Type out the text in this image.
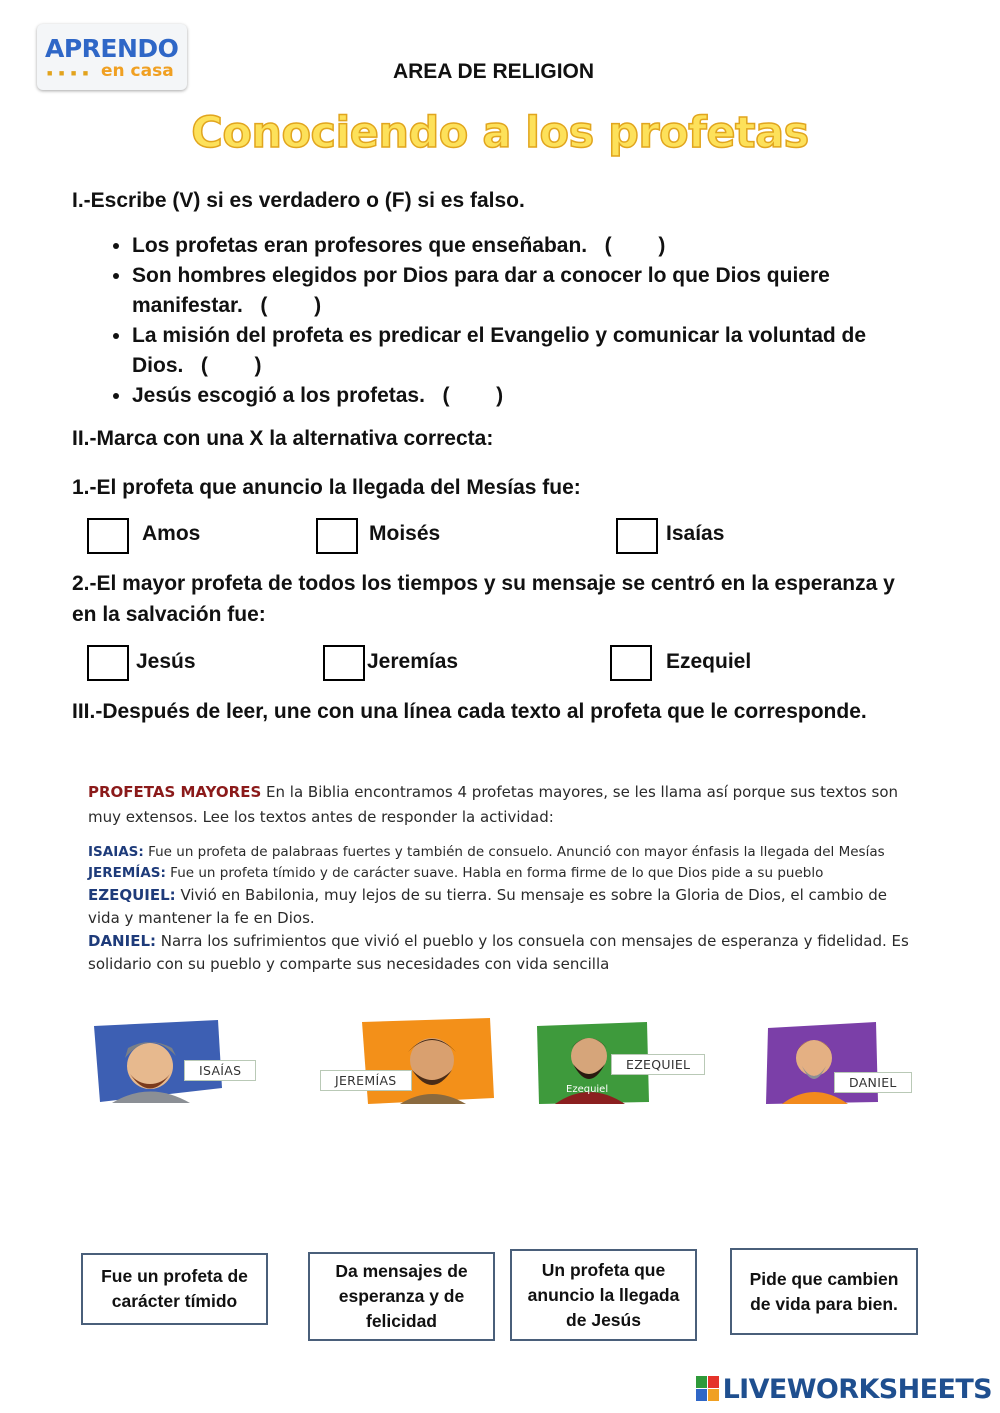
APRENDO
■ ■ ■ ■ en casa	AREA DE RELIGION
Conociendo a los profetas
I.-Escribe (V) si es verdadero o (F) si es falso.
• Los profetas eran profesores que enseñaban. (        )
• Son hombres elegidos por Dios para dar a conocer lo que Dios quiere manifestar. (        )
• La misión del profeta es predicar el Evangelio y comunicar la voluntad de Dios. (        )
• Jesús escogió a los profetas. (        )
II.-Marca con una X la alternativa correcta:
1.-El profeta que anuncio la llegada del Mesías fue:
Amos	Moisés	Isaías
2.-El mayor profeta de todos los tiempos y su mensaje se centró en la esperanza y en la salvación fue:
Jesús	Jeremías	Ezequiel
III.-Después de leer, une con una línea cada texto al profeta que le corresponde.
PROFETAS MAYORES En la Biblia encontramos 4 profetas mayores, se les llama así porque sus textos son muy extensos. Lee los textos antes de responder la actividad:
ISAIAS: Fue un profeta de palabraas fuertes y también de consuelo. Anunció con mayor énfasis la llegada del Mesías
JEREMÍAS: Fue un profeta tímido y de carácter suave. Habla en forma firme de lo que Dios pide a su pueblo
EZEQUIEL: Vivió en Babilonia, muy lejos de su tierra. Su mensaje es sobre la Gloria de Dios, el cambio de vida y mantener la fe en Dios.
DANIEL: Narra los sufrimientos que vivió el pueblo y los consuela con mensajes de esperanza y fidelidad. Es solidario con su pueblo y comparte sus necesidades con vida sencilla
ISAÍAS
JEREMÍAS
Ezequiel
EZEQUIEL
DANIEL
Fue un profeta de carácter tímido
Da mensajes de esperanza y de felicidad
Un profeta que anuncio la llegada de Jesús
Pide que cambien de vida para bien.
LIVEWORKSHEETS
